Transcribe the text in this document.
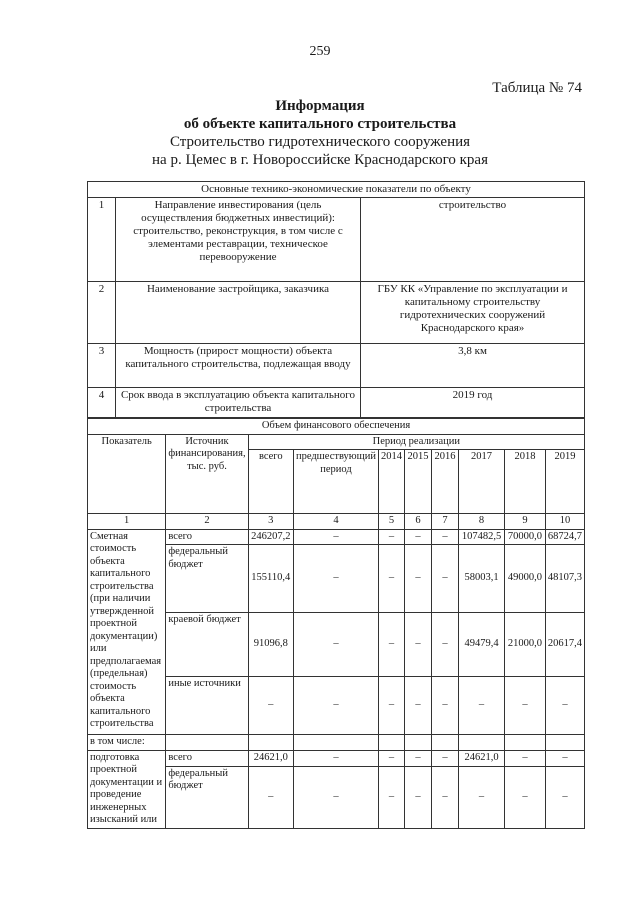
259
Таблица № 74
Информация
об объекте капитального строительства
Строительство гидротехнического сооружения
на р. Цемес в г. Новороссийске Краснодарского края
Основные технико-экономические показатели по объекту		
1	Направление инвестирования (цель осуществления бюджетных инвестиций): строительство, реконструкция, в том числе с элементами реставрации, техническое перевооружение	строительство
2	Наименование застройщика, заказчика	ГБУ КК «Управление по эксплуатации и капитальному строительству гидротехнических сооружений Краснодарского края»
3	Мощность (прирост мощности) объекта капитального строительства, подлежащая вводу	3,8 км
4	Срок ввода в эксплуатацию объекта капитального строительства	2019 год
Объем финансового обеспечения									
Показатель	Источник финансирования, тыс. руб.	Период реализации							
		всего	предшествующий период	2014	2015	2016	2017	2018	2019
1	2	3	4	5	6	7	8	9	10
Сметная стоимость объекта капитального строительства (при наличии утвержденной проектной документации) или предполагаемая (предельная) стоимость объекта капитального строительства	всего	246207,2	–	–	–	–	107482,5	70000,0	68724,7
	федеральный бюджет	155110,4	–	–	–	–	58003,1	49000,0	48107,3
	краевой бюджет	91096,8	–	–	–	–	49479,4	21000,0	20617,4
	иные источники	–	–	–	–	–	–	–	–
в том числе:									
подготовка проектной документации и проведение инженерных изысканий или	всего	24621,0	–	–	–	–	24621,0	–	–
	федеральный бюджет	–	–	–	–	–	–	–	–
